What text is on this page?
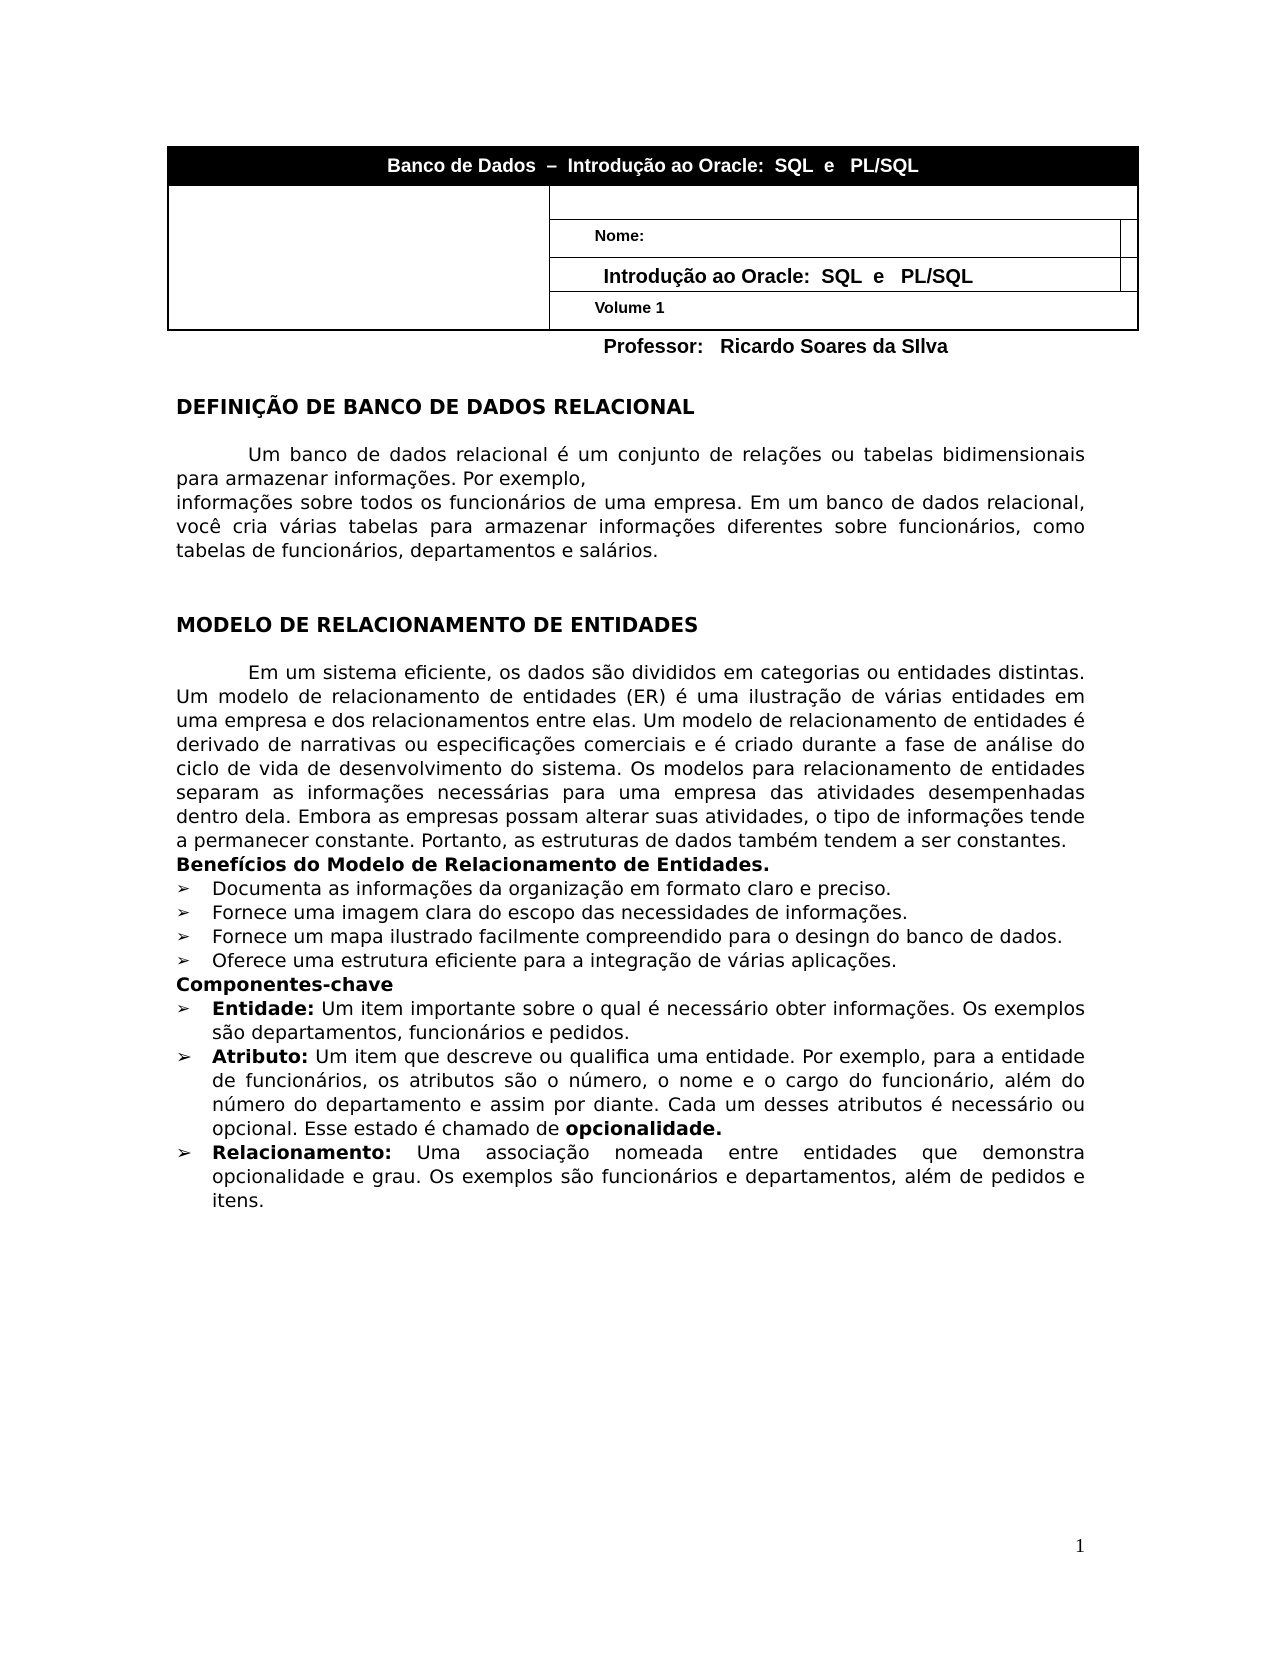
Banco de Dados  –  Introdução ao Oracle:  SQL  e   PL/SQL

Nome:

Introdução ao Oracle:  SQL  e   PL/SQL

Volume 1

Professor:   Ricardo Soares da SIlva

DEFINIÇÃO DE BANCO DE DADOS RELACIONAL

Um banco de dados relacional é um conjunto de relações ou tabelas bidimensionais para armazenar informações. Por exemplo,

informações sobre todos os funcionários de uma empresa. Em um banco de dados relacional, você cria várias tabelas para armazenar informações diferentes sobre funcionários, como tabelas de funcionários, departamentos e salários.

MODELO DE RELACIONAMENTO DE ENTIDADES

Em um sistema eficiente, os dados são divididos em categorias ou entidades distintas. Um modelo de relacionamento de entidades (ER) é uma ilustração de várias entidades em uma empresa e dos relacionamentos entre elas. Um modelo de relacionamento de entidades é derivado de narrativas ou especificações comerciais e é criado durante a fase de análise do ciclo de vida de desenvolvimento do sistema. Os modelos para relacionamento de entidades separam as informações necessárias para uma empresa das atividades desempenhadas dentro dela. Embora as empresas possam alterar suas atividades, o tipo de informações tende a permanecer constante. Portanto, as estruturas de dados também tendem a ser constantes.

Benefícios do Modelo de Relacionamento de Entidades.

➢	Documenta as informações da organização em formato claro e preciso.
➢	Fornece uma imagem clara do escopo das necessidades de informações.
➢	Fornece um mapa ilustrado facilmente compreendido para o desingn do banco de dados.
➢	Oferece uma estrutura eficiente para a integração de várias aplicações.

Componentes-chave

➢	Entidade: Um item importante sobre o qual é necessário obter informações. Os exemplos são departamentos, funcionários e pedidos.
➢ Atributo: Um item que descreve ou qualifica uma entidade. Por exemplo, para a entidade de funcionários, os atributos são o número, o nome e o cargo do funcionário, além do número do departamento e assim por diante. Cada um desses atributos é necessário ou opcional. Esse estado é chamado de opcionalidade.
➢ Relacionamento: Uma associação nomeada entre entidades que demonstra opcionalidade e grau. Os exemplos são funcionários e departamentos, além de pedidos e itens.
1
